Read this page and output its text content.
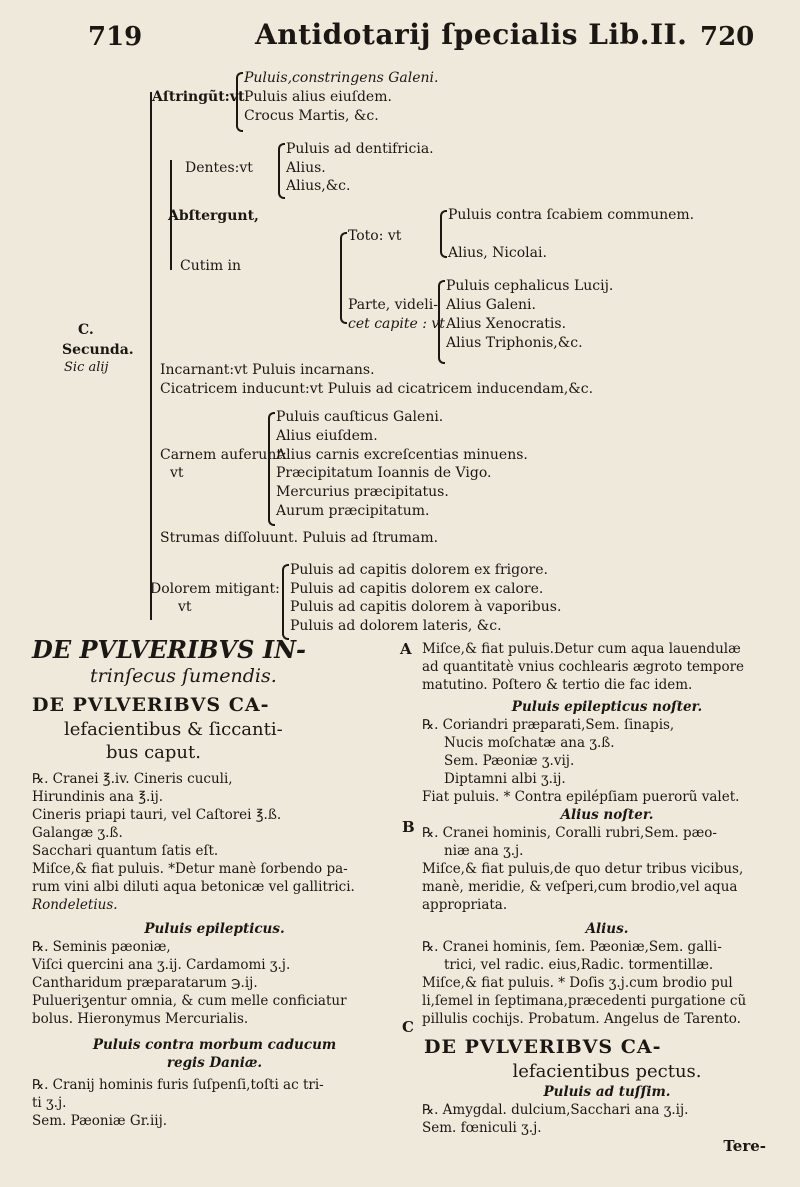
719	Antidotarij ſpecialis Lib.II. 720
C.
Secunda.
Sic alij
Puluis,constringens Galeni.
Aſtringũt:vt Puluis alius eiuſdem.
Crocus Martis, &c.
Puluis ad dentifricia.
Dentes:vt Alius.
Alius,&c.
Abſtergunt,	Puluis contra ſcabiem communem.
Toto: vt
Alius, Nicolai.
Cutim in
Puluis cephalicus Lucij.
Parte, videli- Alius Galeni.
cet capite : vt Alius Xenocratis.
Alius Triphonis,&c.
Incarnant:vt Puluis incarnans.
Cicatricem inducunt:vt Puluis ad cicatricem inducendam,&c.
Puluis cauſticus Galeni.
Alius eiuſdem.
Carnem auferunt:
Alius carnis excreſcentias minuens.
vt	Præcipitatum Ioannis de Vigo.
Mercurius præcipitatus.
Aurum præcipitatum.
Strumas diſſoluunt. Puluis ad ſtrumam.
Puluis ad capitis dolorem ex frigore.
Dolorem mitigant: Puluis ad capitis dolorem ex calore.
vt	Puluis ad capitis dolorem à vaporibus.
Puluis ad dolorem lateris, &c.
A
B
C
DE PVLVERIBVS IN-
trinſecus ſumendis.
DE PVLVERIBVS CA-
lefacientibus & ſiccanti-
bus caput.
℞. Cranei ℥.iv. Cineris cuculi,
Hirundinis ana ℥.ij.
Cineris priapi tauri, vel Caſtorei ℥.ß.
Galangæ ʒ.ß.
Sacchari quantum ſatis eſt.
Miſce,& fiat puluis. *Detur manè ſorbendo pa-
rum vini albi diluti aqua betonicæ vel gallitrici.
Rondeletius.
Puluis epilepticus.
℞. Seminis pæoniæ,
Viſci quercini ana ʒ.ij. Cardamomi ʒ.j.
Cantharidum præparatarum ℈.ij.
Pulueriʒentur omnia, & cum melle conficiatur
bolus. Hieronymus Mercurialis.
Puluis contra morbum caducum
regis Daniæ.
℞. Cranij hominis furis ſuſpenſi,toſti ac tri-
ti ʒ.j.
Sem. Pæoniæ Gr.iij.
Miſce,& fiat puluis.Detur cum aqua lauendulæ
ad quantitatè vnius cochlearis ægroto tempore
matutino. Poſtero & tertio die fac idem.
Puluis epilepticus noſter.
℞. Coriandri præparati,Sem. ſinapis,
Nucis moſchatæ ana ʒ.ß.
Sem. Pæoniæ ʒ.vij.
Diptamni albi ʒ.ij.
Fiat puluis. * Contra epilépſiam puerorũ valet.
Alius noſter.
℞. Cranei hominis, Coralli rubri,Sem. pæo-
niæ ana ʒ.j.
Miſce,& fiat puluis,de quo detur tribus vicibus,
manè, meridie, & veſperi,cum brodio,vel aqua
appropriata.
Alius.
℞. Cranei hominis, ſem. Pæoniæ,Sem. galli-
trici, vel radic. eius,Radic. tormentillæ.
Miſce,& fiat puluis. * Doſis ʒ.j.cum brodio pul
li,ſemel in ſeptimana,præcedenti purgatione cũ
pillulis cochijs. Probatum. Angelus de Tarento.
DE PVLVERIBVS CA-
lefacientibus pectus.
Puluis ad tuſſim.
℞. Amygdal. dulcium,Sacchari ana ʒ.ij.
Sem. fœniculi ʒ.j.
Tere-
